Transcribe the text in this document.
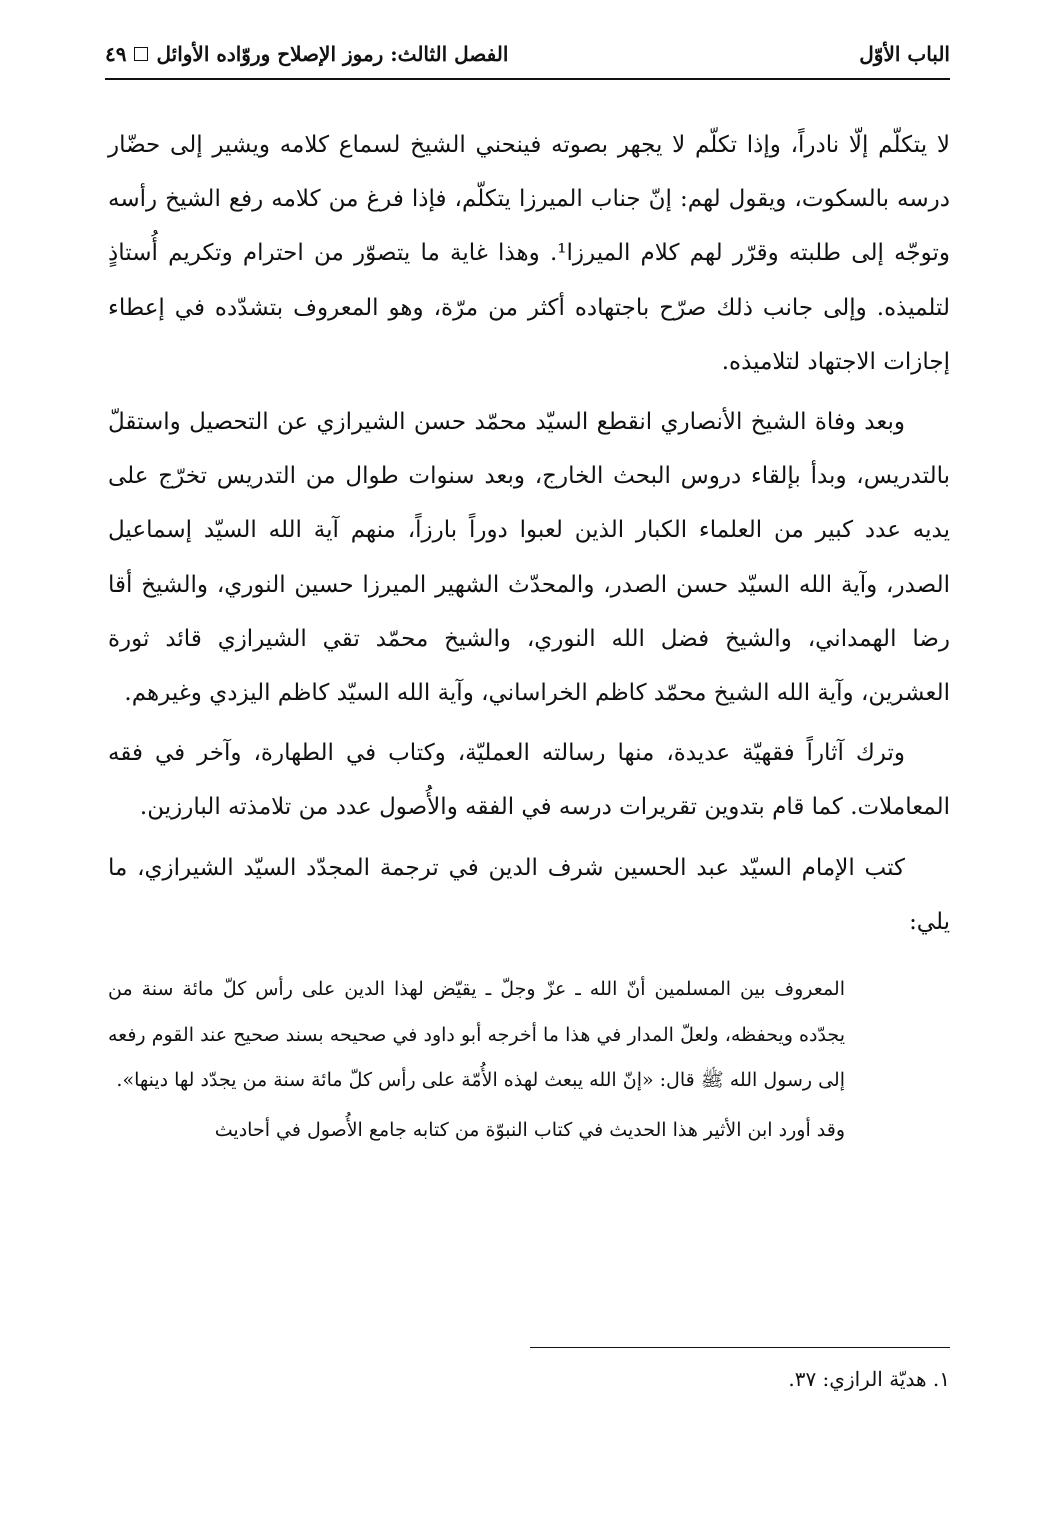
الباب الأوّل
الفصل الثالث: رموز الإصلاح وروّاده الأوائل
٤٩

لا يتكلّم إلّا نادراً، وإذا تكلّم لا يجهر بصوته فينحني الشيخ لسماع كلامه ويشير إلى حضّار درسه بالسكوت، ويقول لهم: إنّ جناب الميرزا يتكلّم، فإذا فرغ من كلامه رفع الشيخ رأسه وتوجّه إلى طلبته وقرّر لهم كلام الميرزا¹. وهذا غاية ما يتصوّر من احترام وتكريم أُستاذٍ لتلميذه. وإلى جانب ذلك صرّح باجتهاده أكثر من مرّة، وهو المعروف بتشدّده في إعطاء إجازات الاجتهاد لتلاميذه.

وبعد وفاة الشيخ الأنصاري انقطع السيّد محمّد حسن الشيرازي عن التحصيل واستقلّ بالتدريس، وبدأ بإلقاء دروس البحث الخارج، وبعد سنوات طوال من التدريس تخرّج على يديه عدد كبير من العلماء الكبار الذين لعبوا دوراً بارزاً، منهم آية الله السيّد إسماعيل الصدر، وآية الله السيّد حسن الصدر، والمحدّث الشهير الميرزا حسين النوري، والشيخ أقا رضا الهمداني، والشيخ فضل الله النوري، والشيخ محمّد تقي الشيرازي قائد ثورة العشرين، وآية الله الشيخ محمّد كاظم الخراساني، وآية الله السيّد كاظم اليزدي وغيرهم.

وترك آثاراً فقهيّة عديدة، منها رسالته العمليّة، وكتاب في الطهارة، وآخر في فقه المعاملات. كما قام بتدوين تقريرات درسه في الفقه والأُصول عدد من تلامذته البارزين.

كتب الإمام السيّد عبد الحسين شرف الدين في ترجمة المجدّد السيّد الشيرازي، ما يلي:

المعروف بين المسلمين أنّ الله ـ عزّ وجلّ ـ يقيّض لهذا الدين على رأس كلّ مائة سنة من يجدّده ويحفظه، ولعلّ المدار في هذا ما أخرجه أبو داود في صحيحه بسند صحيح عند القوم رفعه إلى رسول الله ﷺ قال: «إنّ الله يبعث لهذه الأُمّة على رأس كلّ مائة سنة من يجدّد لها دينها».

وقد أورد ابن الأثير هذا الحديث في كتاب النبوّة من كتابه جامع الأُصول في أحاديث

١. هديّة الرازي: ٣٧.
